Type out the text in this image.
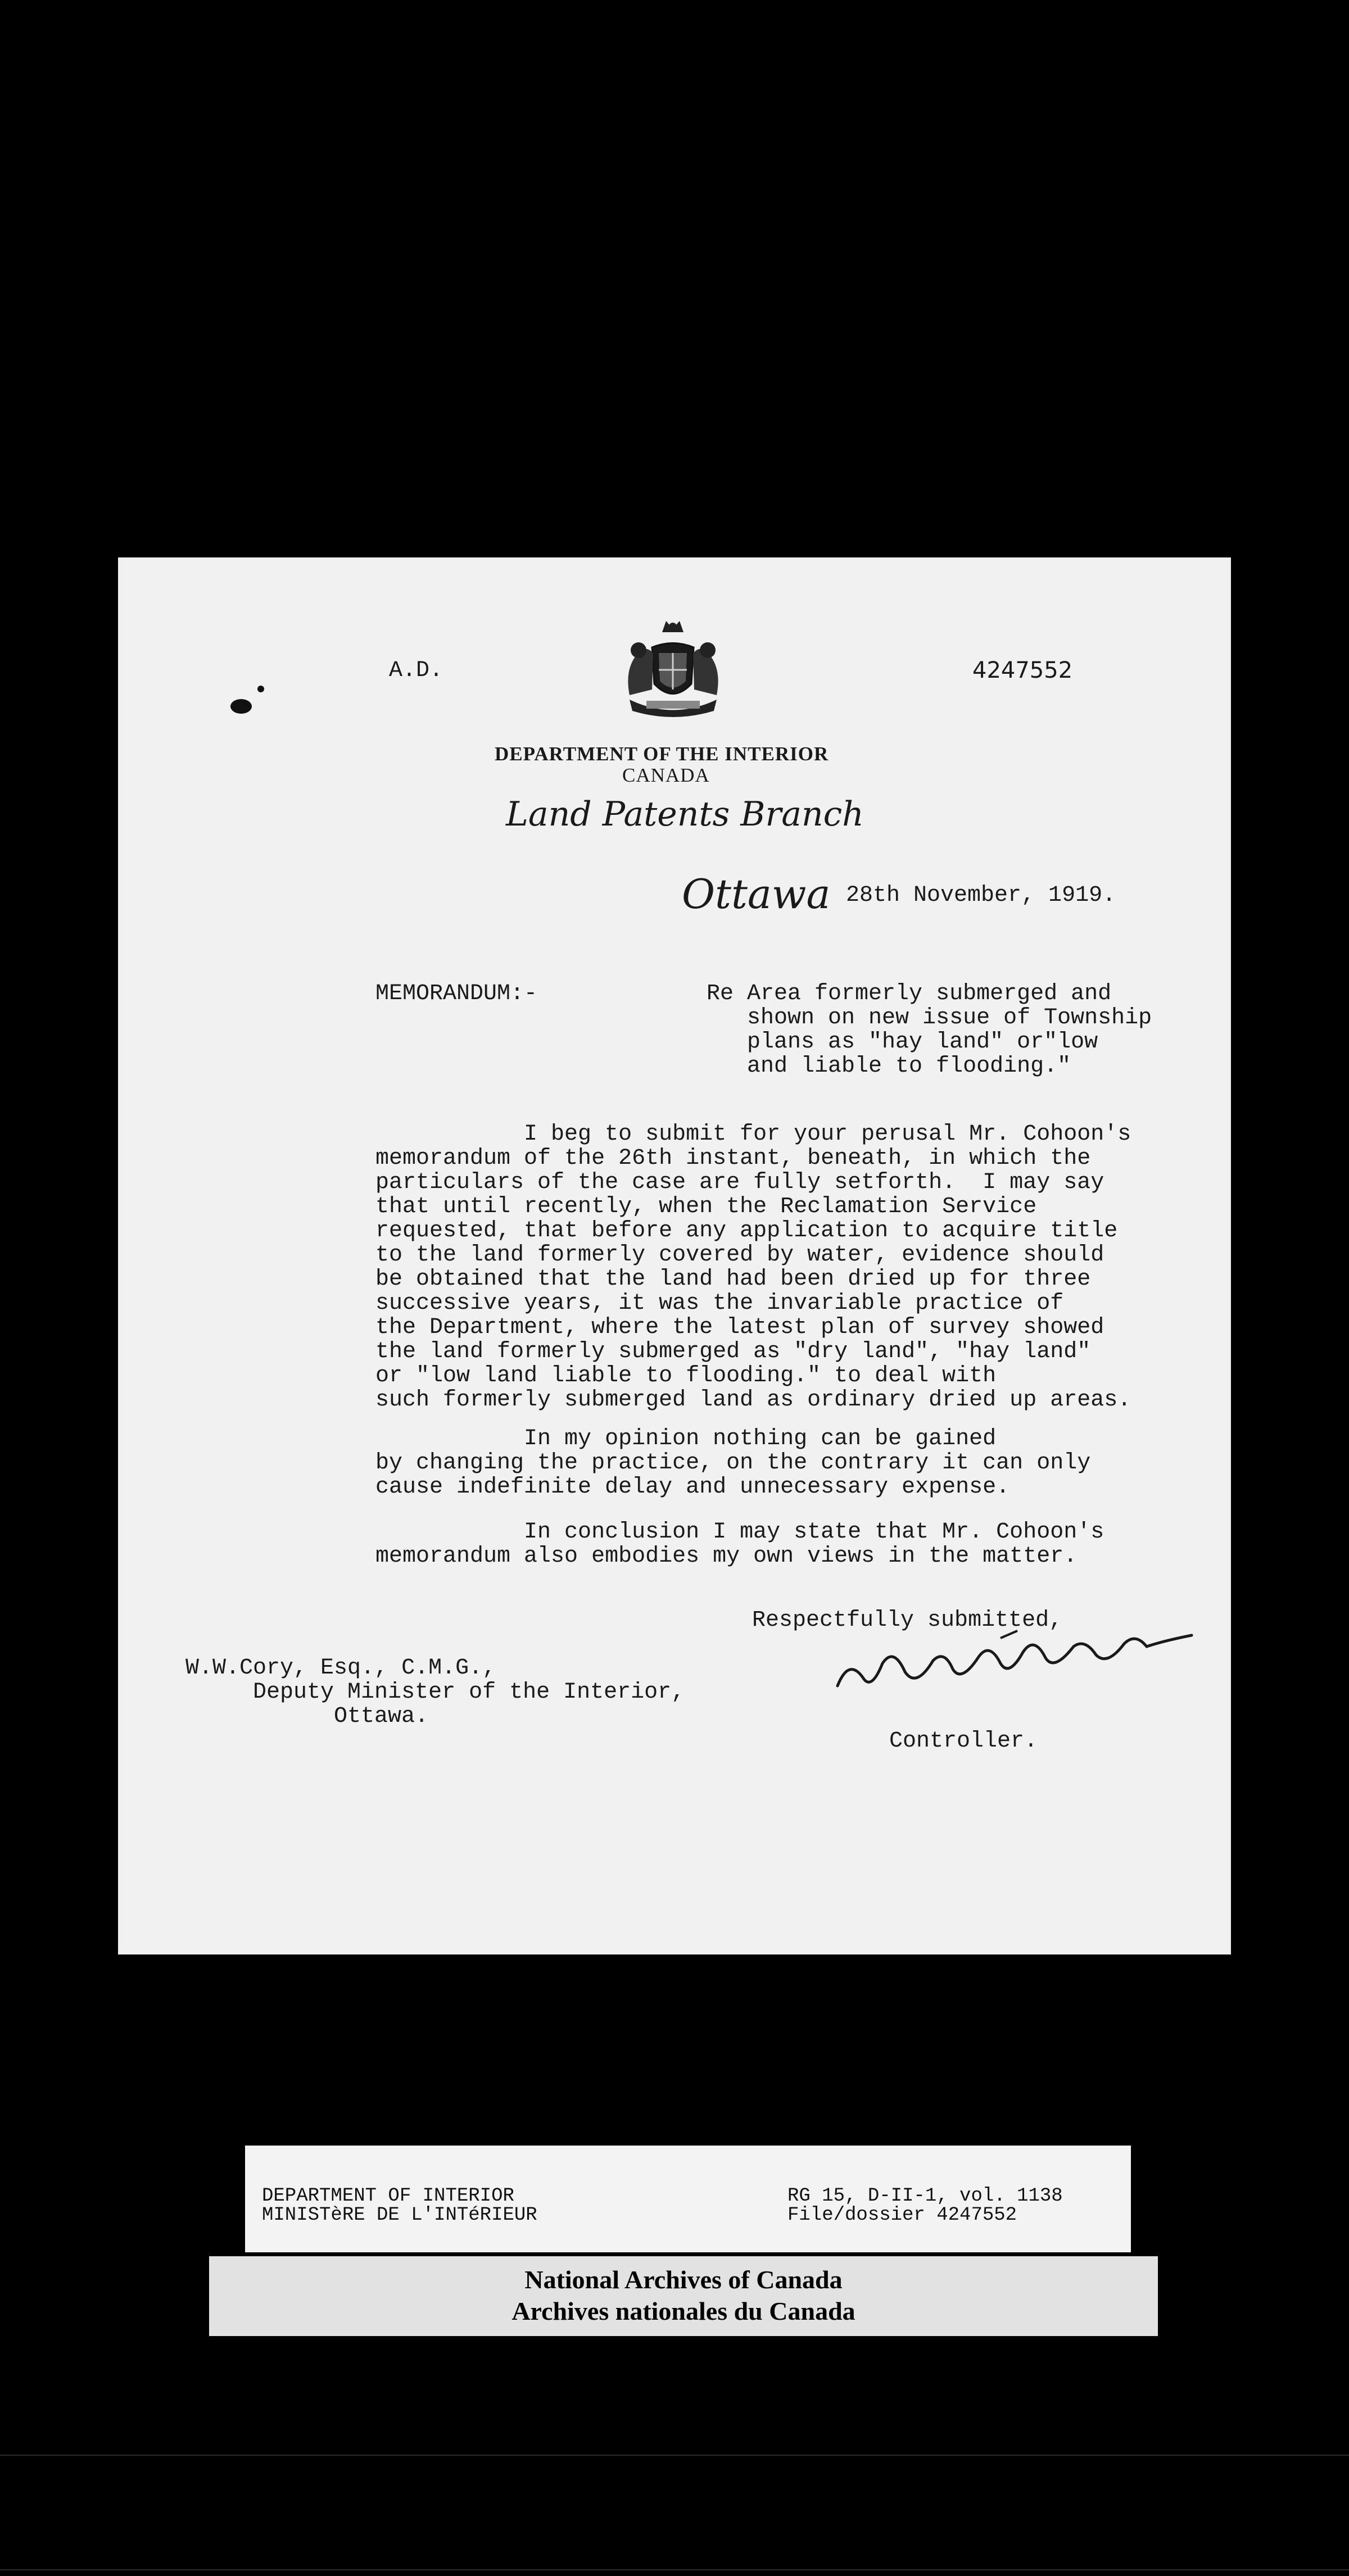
A.D.	4247552
DEPARTMENT OF THE INTERIOR
CANADA
Land Patents Branch
Ottawa 28th November, 1919.
MEMORANDUM:-	Re Area formerly submerged and
shown on new issue of Township
plans as "hay land" or"low
and liable to flooding."
I beg to submit for your perusal Mr. Cohoon's
memorandum of the 26th instant, beneath, in which the
particulars of the case are fully setforth.  I may say
that until recently, when the Reclamation Service
requested, that before any application to acquire title
to the land formerly covered by water, evidence should
be obtained that the land had been dried up for three
successive years, it was the invariable practice of
the Department, where the latest plan of survey showed
the land formerly submerged as "dry land", "hay land"
or "low land liable to flooding." to deal with
such formerly submerged land as ordinary dried up areas.
In my opinion nothing can be gained
by changing the practice, on the contrary it can only
cause indefinite delay and unnecessary expense.
In conclusion I may state that Mr. Cohoon's
memorandum also embodies my own views in the matter.
Respectfully submitted,
W.W.Cory, Esq., C.M.G.,
Deputy Minister of the Interior,
Ottawa.
Controller.
DEPARTMENT OF INTERIOR
MINISTèRE DE L'INTéRIEUR
RG 15, D-II-1, vol. 1138
File/dossier 4247552
National Archives of Canada
Archives nationales du Canada
